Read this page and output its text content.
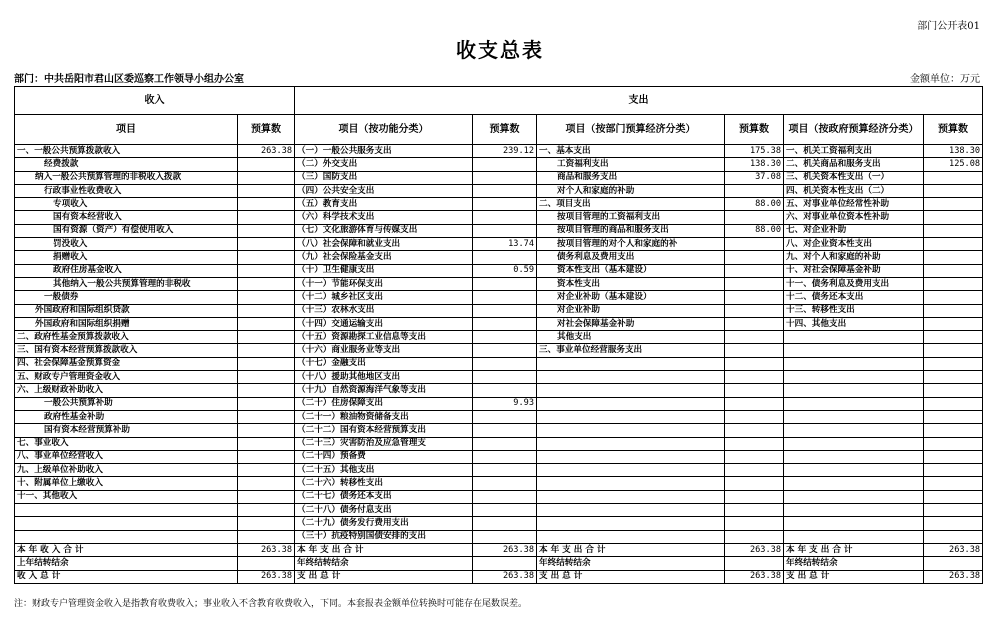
部门公开表01
收支总表
部门：中共岳阳市君山区委巡察工作领导小组办公室	金额单位：万元
收入		支出					
项目	预算数	项目（按功能分类）	预算数	项目（按部门预算经济分类）	预算数	项目（按政府预算经济分类）	预算数
一、一般公共预算拨款收入	263.38	（一）一般公共服务支出	239.12	一、基本支出	175.38	一、机关工资福利支出	138.30
经费拨款		（二）外交支出		工资福利支出	138.30	二、机关商品和服务支出	125.08
纳入一般公共预算管理的非税收入拨款		（三）国防支出		商品和服务支出	37.08	三、机关资本性支出（一）	
行政事业性收费收入		（四）公共安全支出		对个人和家庭的补助		四、机关资本性支出（二）	
专项收入		（五）教育支出		二、项目支出	88.00	五、对事业单位经常性补助	
国有资本经营收入		（六）科学技术支出		按项目管理的工资福利支出		六、对事业单位资本性补助	
国有资源（资产）有偿使用收入		（七）文化旅游体育与传媒支出		按项目管理的商品和服务支出	88.00	七、对企业补助	
罚没收入		（八）社会保障和就业支出	13.74	按项目管理的对个人和家庭的补		八、对企业资本性支出	
捐赠收入		（九）社会保险基金支出		债务利息及费用支出		九、对个人和家庭的补助	
政府住房基金收入		（十）卫生健康支出	0.59	资本性支出（基本建设）		十、对社会保障基金补助	
其他纳入一般公共预算管理的非税收		（十一）节能环保支出		资本性支出		十一、债务利息及费用支出	
一般债券		（十二）城乡社区支出		对企业补助（基本建设）		十二、债务还本支出	
外国政府和国际组织贷款		（十三）农林水支出		对企业补助		十三、转移性支出	
外国政府和国际组织捐赠		（十四）交通运输支出		对社会保障基金补助		十四、其他支出	
二、政府性基金预算拨款收入		（十五）资源勘探工业信息等支出		其他支出			
三、国有资本经营预算拨款收入		（十六）商业服务业等支出		三、事业单位经营服务支出			
四、社会保障基金预算资金		（十七）金融支出					
五、财政专户管理资金收入		（十八）援助其他地区支出					
六、上级财政补助收入		（十九）自然资源海洋气象等支出					
一般公共预算补助		（二十）住房保障支出	9.93				
政府性基金补助		（二十一）粮油物资储备支出					
国有资本经营预算补助		（二十二）国有资本经营预算支出					
七、事业收入		（二十三）灾害防治及应急管理支					
八、事业单位经营收入		（二十四）预备费					
九、上级单位补助收入		（二十五）其他支出					
十、附属单位上缴收入		（二十六）转移性支出					
十一、其他收入		（二十七）债务还本支出					
		（二十八）债务付息支出					
		（二十九）债务发行费用支出					
		（三十）抗疫特别国债安排的支出					
本 年 收 入 合 计	263.38	本 年 支 出 合 计	263.38	本 年 支 出 合 计	263.38	本 年 支 出 合 计	263.38
上年结转结余		年终结转结余		年终结转结余		年终结转结余	
收 入 总 计	263.38	支 出 总 计	263.38	支 出 总 计	263.38	支 出 总 计	263.38
注：财政专户管理资金收入是指教育收费收入；事业收入不含教育收费收入，下同。本套报表金额单位转换时可能存在尾数误差。
